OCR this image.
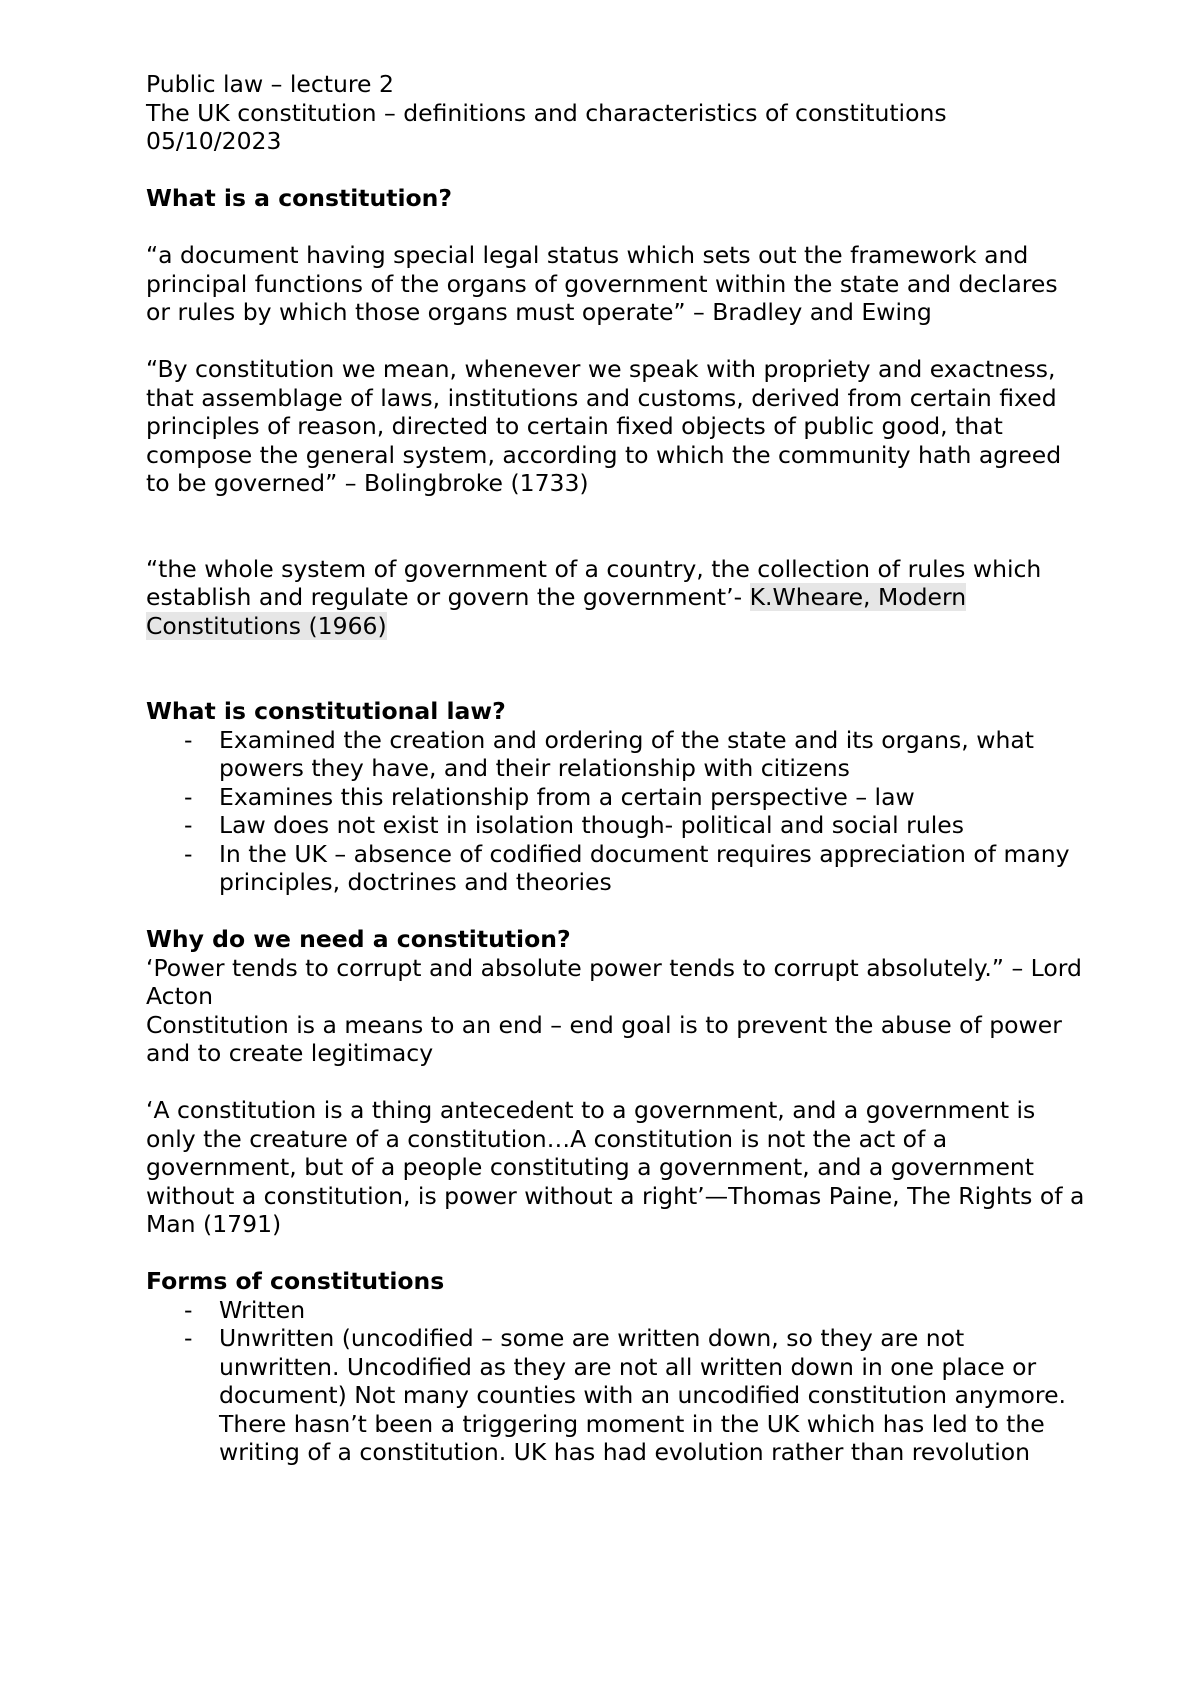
Public law – lecture 2

The UK constitution – definitions and characteristics of constitutions

05/10/2023

What is a constitution?

“a document having special legal status which sets out the framework and principal functions of the organs of government within the state and declares or rules by which those organs must operate” – Bradley and Ewing

“By constitution we mean, whenever we speak with propriety and exactness, that assemblage of laws, institutions and customs, derived from certain fixed principles of reason, directed to certain fixed objects of public good, that compose the general system, according to which the community hath agreed to be governed” – Bolingbroke (1733)

“the whole system of government of a country, the collection of rules which establish and regulate or govern the government’- K.Wheare, Modern Constitutions (1966)

What is constitutional law?

- Examined the creation and ordering of the state and its organs, what powers they have, and their relationship with citizens
- Examines this relationship from a certain perspective – law
- Law does not exist in isolation though- political and social rules
- In the UK – absence of codified document requires appreciation of many principles, doctrines and theories

Why do we need a constitution?

‘Power tends to corrupt and absolute power tends to corrupt absolutely.” – Lord Acton

Constitution is a means to an end – end goal is to prevent the abuse of power and to create legitimacy

‘A constitution is a thing antecedent to a government, and a government is only the creature of a constitution…A constitution is not the act of a government, but of a people constituting a government, and a government without a constitution, is power without a right’—Thomas Paine, The Rights of a Man (1791)

Forms of constitutions

- Written
- Unwritten (uncodified – some are written down, so they are not unwritten. Uncodified as they are not all written down in one place or document) Not many counties with an uncodified constitution anymore. There hasn’t been a triggering moment in the UK which has led to the writing of a constitution. UK has had evolution rather than revolution
